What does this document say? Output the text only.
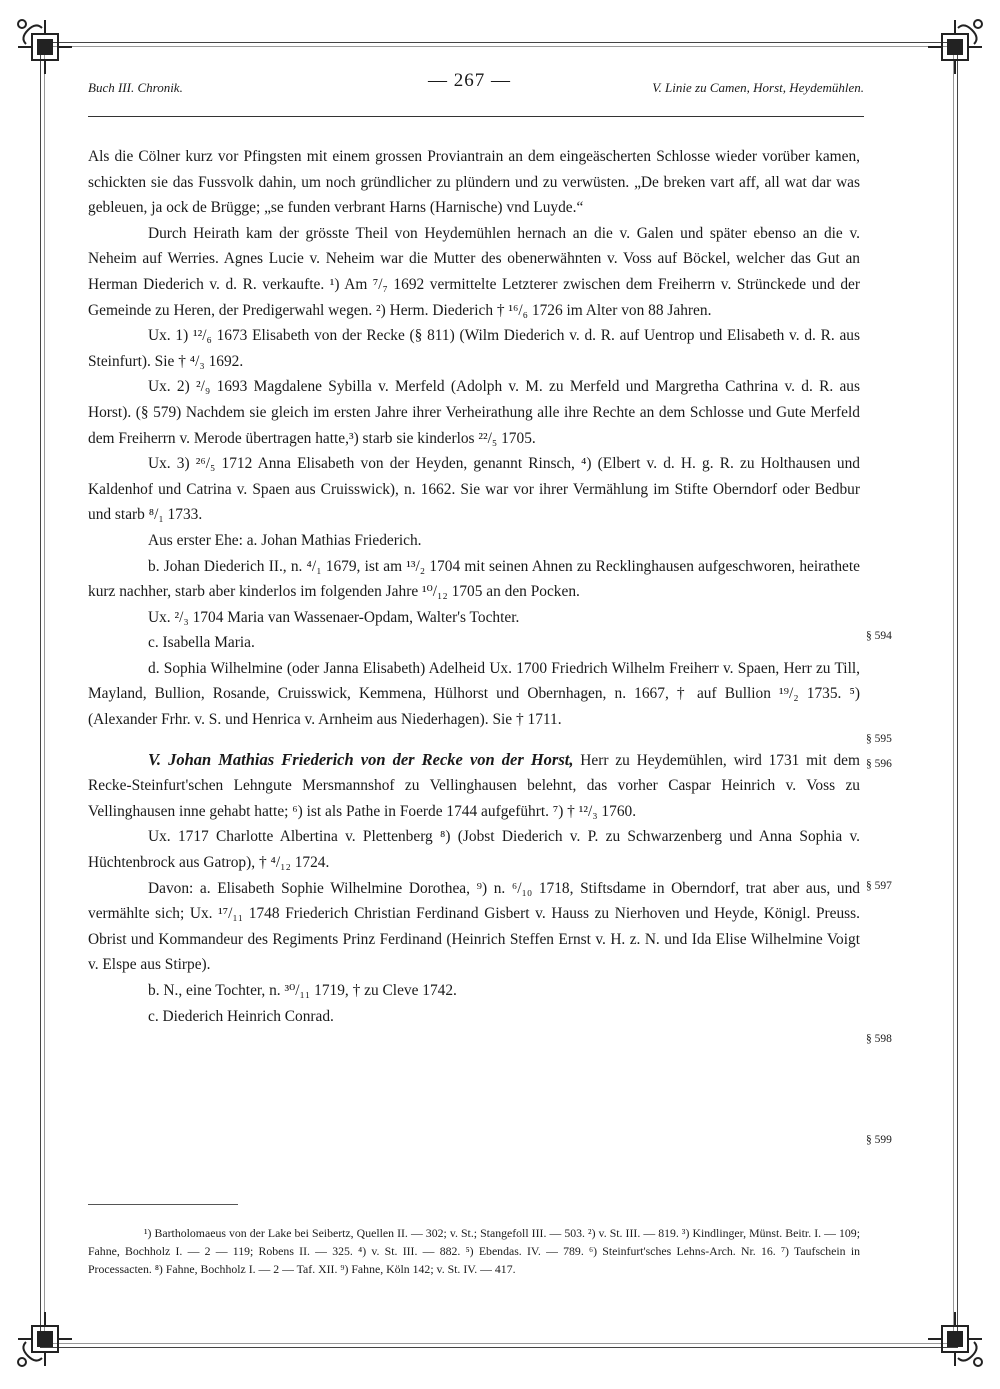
Buch III. Chronik.	— 267 —	V. Linie zu Camen, Horst, Heydemühlen.

Als die Cölner kurz vor Pfingsten mit einem grossen Proviantrain an dem eingeäscherten Schlosse wieder vorüber kamen, schickten sie das Fussvolk dahin, um noch gründlicher zu plündern und zu verwüsten. „De breken vart aff, all wat dar was gebleuen, ja ock de Brügge; „se funden verbrant Harns (Harnische) vnd Luyde.“

Durch Heirath kam der grösste Theil von Heydemühlen hernach an die v. Galen und später ebenso an die v. Neheim auf Werries. Agnes Lucie v. Neheim war die Mutter des obenerwähnten v. Voss auf Böckel, welcher das Gut an Herman Diederich v. d. R. verkaufte. ¹) Am ⁷/₇ 1692 vermittelte Letzterer zwischen dem Freiherrn v. Strünckede und der Gemeinde zu Heren, der Predigerwahl wegen. ²) Herm. Diederich † ¹⁶/₆ 1726 im Alter von 88 Jahren.

Ux. 1) ¹²/₆ 1673 Elisabeth von der Recke (§ 811) (Wilm Diederich v. d. R. auf Uentrop und Elisabeth v. d. R. aus Steinfurt). Sie † ⁴/₃ 1692.

Ux. 2) ²/₉ 1693 Magdalene Sybilla v. Merfeld (Adolph v. M. zu Merfeld und Margretha Cathrina v. d. R. aus Horst). (§ 579) Nachdem sie gleich im ersten Jahre ihrer Verheirathung alle ihre Rechte an dem Schlosse und Gute Merfeld dem Freiherrn v. Merode übertragen hatte,³) starb sie kinderlos ²²/₅ 1705.

Ux. 3) ²⁶/₅ 1712 Anna Elisabeth von der Heyden, genannt Rinsch, ⁴) (Elbert v. d. H. g. R. zu Holthausen und Kaldenhof und Catrina v. Spaen aus Cruisswick), n. 1662. Sie war vor ihrer Vermählung im Stifte Oberndorf oder Bedbur und starb ⁸/₁ 1733.

Aus erster Ehe: a. Johan Mathias Friederich.

b. Johan Diederich II., n. ⁴/₁ 1679, ist am ¹³/₂ 1704 mit seinen Ahnen zu Recklinghausen aufgeschworen, heirathete kurz nachher, starb aber kinderlos im folgenden Jahre ¹⁰/₁₂ 1705 an den Pocken.

Ux. ²/₃ 1704 Maria van Wassenaer-Opdam, Walter's Tochter.

c. Isabella Maria.

d. Sophia Wilhelmine (oder Janna Elisabeth) Adelheid Ux. 1700 Friedrich Wilhelm Freiherr v. Spaen, Herr zu Till, Mayland, Bullion, Rosande, Cruisswick, Kemmena, Hülhorst und Obernhagen, n. 1667, † auf Bullion ¹⁹/₂ 1735. ⁵) (Alexander Frhr. v. S. und Henrica v. Arnheim aus Niederhagen). Sie † 1711.

V. Johan Mathias Friederich von der Recke von der Horst, Herr zu Heydemühlen, wird 1731 mit dem Recke-Steinfurt'schen Lehngute Mersmannshof zu Vellinghausen belehnt, das vorher Caspar Heinrich v. Voss zu Vellinghausen inne gehabt hatte; ⁶) ist als Pathe in Foerde 1744 aufgeführt. ⁷) † ¹²/₃ 1760.

Ux. 1717 Charlotte Albertina v. Plettenberg ⁸) (Jobst Diederich v. P. zu Schwarzenberg und Anna Sophia v. Hüchtenbrock aus Gatrop), † ⁴/₁₂ 1724.

Davon: a. Elisabeth Sophie Wilhelmine Dorothea, ⁹) n. ⁶/₁₀ 1718, Stiftsdame in Oberndorf, trat aber aus, und vermählte sich; Ux. ¹⁷/₁₁ 1748 Friederich Christian Ferdinand Gisbert v. Hauss zu Nierhoven und Heyde, Königl. Preuss. Obrist und Kommandeur des Regiments Prinz Ferdinand (Heinrich Steffen Ernst v. H. z. N. und Ida Elise Wilhelmine Voigt v. Elspe aus Stirpe).

b. N., eine Tochter, n. ³⁰/₁₁ 1719, † zu Cleve 1742.

c. Diederich Heinrich Conrad.

§ 594
§ 595
§ 596
§ 597
§ 598
§ 599

¹) Bartholomaeus von der Lake bei Seibertz, Quellen II. — 302; v. St.; Stangefoll III. — 503. ²) v. St. III. — 819. ³) Kindlinger, Münst. Beitr. I. — 109; Fahne, Bochholz I. — 2 — 119; Robens II. — 325. ⁴) v. St. III. — 882. ⁵) Ebendas. IV. — 789. ⁶) Steinfurt'sches Lehns-Arch. Nr. 16. ⁷) Taufschein in Processacten. ⁸) Fahne, Bochholz I. — 2 — Taf. XII. ⁹) Fahne, Köln 142; v. St. IV. — 417.
